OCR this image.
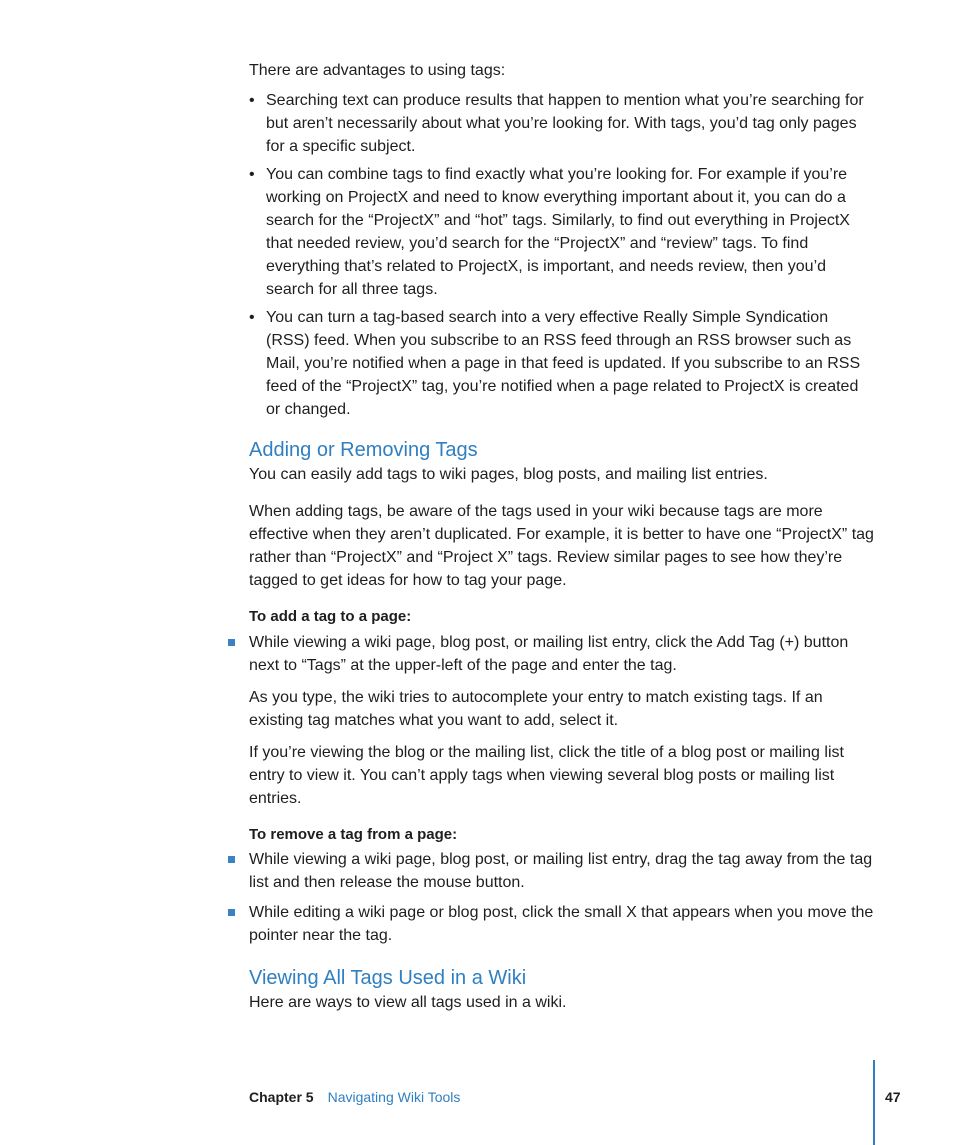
There are advantages to using tags:

• Searching text can produce results that happen to mention what you’re searching for but aren’t necessarily about what you’re looking for. With tags, you’d tag only pages for a specific subject.

• You can combine tags to find exactly what you’re looking for. For example if you’re working on ProjectX and need to know everything important about it, you can do a search for the “ProjectX” and “hot” tags. Similarly, to find out everything in ProjectX that needed review, you’d search for the “ProjectX” and “review” tags. To find everything that’s related to ProjectX, is important, and needs review, then you’d search for all three tags.

• You can turn a tag-based search into a very effective Really Simple Syndication (RSS) feed. When you subscribe to an RSS feed through an RSS browser such as Mail, you’re notified when a page in that feed is updated. If you subscribe to an RSS feed of the “ProjectX” tag, you’re notified when a page related to ProjectX is created or changed.

Adding or Removing Tags

You can easily add tags to wiki pages, blog posts, and mailing list entries.

When adding tags, be aware of the tags used in your wiki because tags are more effective when they aren’t duplicated. For example, it is better to have one “ProjectX” tag rather than “ProjectX” and “Project X” tags. Review similar pages to see how they’re tagged to get ideas for how to tag your page.

To add a tag to a page:

While viewing a wiki page, blog post, or mailing list entry, click the Add Tag (+) button next to “Tags” at the upper-left of the page and enter the tag.

As you type, the wiki tries to autocomplete your entry to match existing tags. If an existing tag matches what you want to add, select it.

If you’re viewing the blog or the mailing list, click the title of a blog post or mailing list entry to view it. You can’t apply tags when viewing several blog posts or mailing list entries.

To remove a tag from a page:

While viewing a wiki page, blog post, or mailing list entry, drag the tag away from the tag list and then release the mouse button.

While editing a wiki page or blog post, click the small X that appears when you move the pointer near the tag.

Viewing All Tags Used in a Wiki

Here are ways to view all tags used in a wiki.

Chapter 5 Navigating Wiki Tools	47
